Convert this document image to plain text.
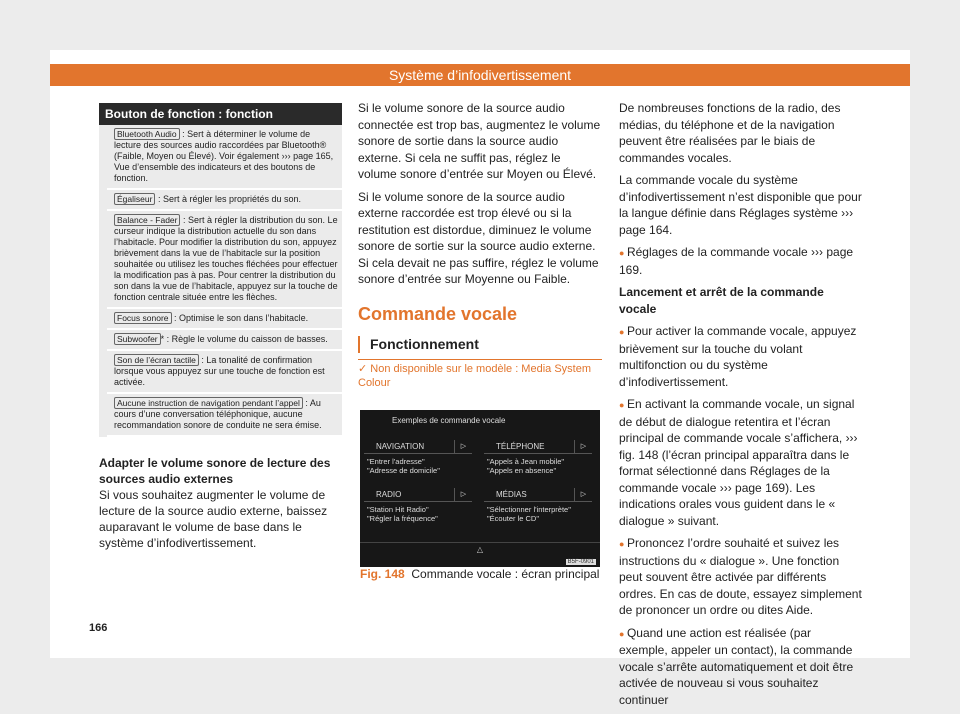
Système d’infodivertissement
Bouton de fonction : fonction
Bluetooth Audio : Sert à déterminer le volume de lecture des sources audio raccordées par Bluetooth® (Faible, Moyen ou Élevé). Voir également ››› page 165, Vue d’ensemble des indicateurs et des boutons de fonction.
Égaliseur : Sert à régler les propriétés du son.
Balance - Fader : Sert à régler la distribution du son. Le curseur indique la distribution actuelle du son dans l’habitacle. Pour modifier la distribution du son, appuyez brièvement dans la vue de l’habitacle sur la position souhaitée ou utilisez les touches fléchées pour effectuer la modification pas à pas. Pour centrer la distribution du son dans la vue de l’habitacle, appuyez sur la touche de fonction centrale située entre les flèches.
Focus sonore : Optimise le son dans l’habitacle.
Subwoofer * : Règle le volume du caisson de basses.
Son de l’écran tactile : La tonalité de confirmation lorsque vous appuyez sur une touche de fonction est activée.
Aucune instruction de navigation pendant l’appel : Au cours d’une conversation téléphonique, aucune recommandation sonore de conduite ne sera émise.
Adapter le volume sonore de lecture des sources audio externes

Si vous souhaitez augmenter le volume de lecture de la source audio externe, baissez auparavant le volume de base dans le système d’infodivertissement.

Si le volume sonore de la source audio connectée est trop bas, augmentez le volume sonore de sortie dans la source audio externe. Si cela ne suffit pas, réglez le volume sonore d’entrée sur Moyen ou Élevé.

Si le volume sonore de la source audio externe raccordée est trop élevé ou si la restitution est distordue, diminuez le volume sonore de sortie sur la source audio externe. Si cela devait ne pas suffire, réglez le volume sonore d’entrée sur Moyenne ou Faible.

Commande vocale
Fonctionnement
✓ Non disponible sur le modèle : Media System Colour
Exemples de commande vocale
NAVIGATION	▷
"Entrer l'adresse"
"Adresse de domicile"
TÉLÉPHONE	▷
"Appels à Jean mobile"
"Appels en absence"
RADIO	▷
"Station Hit Radio"
"Régler la fréquence"
MÉDIAS	▷
"Sélectionner l'interprète"
"Écouter le CD"
△
B5F-0901
Fig. 148 Commande vocale : écran principal

De nombreuses fonctions de la radio, des médias, du téléphone et de la navigation peuvent être réalisées par le biais de commandes vocales.

La commande vocale du système d’infodivertissement n’est disponible que pour la langue définie dans Réglages système ››› page 164.

● Réglages de la commande vocale ››› page 169.

Lancement et arrêt de la commande vocale

● Pour activer la commande vocale, appuyez brièvement sur la touche du volant multifonction ou du système d’infodivertissement.

● En activant la commande vocale, un signal de début de dialogue retentira et l’écran principal de commande vocale s’affichera, ››› fig. 148 (l’écran principal apparaîtra dans le format sélectionné dans Réglages de la commande vocale ››› page 169). Les indications orales vous guident dans le « dialogue » suivant.

● Prononcez l’ordre souhaité et suivez les instructions du « dialogue ». Une fonction peut souvent être activée par différents ordres. En cas de doute, essayez simplement de prononcer un ordre ou dites Aide.

● Quand une action est réalisée (par exemple, appeler un contact), la commande vocale s’arrête automatiquement et doit être activée de nouveau si vous souhaitez continuer

166
